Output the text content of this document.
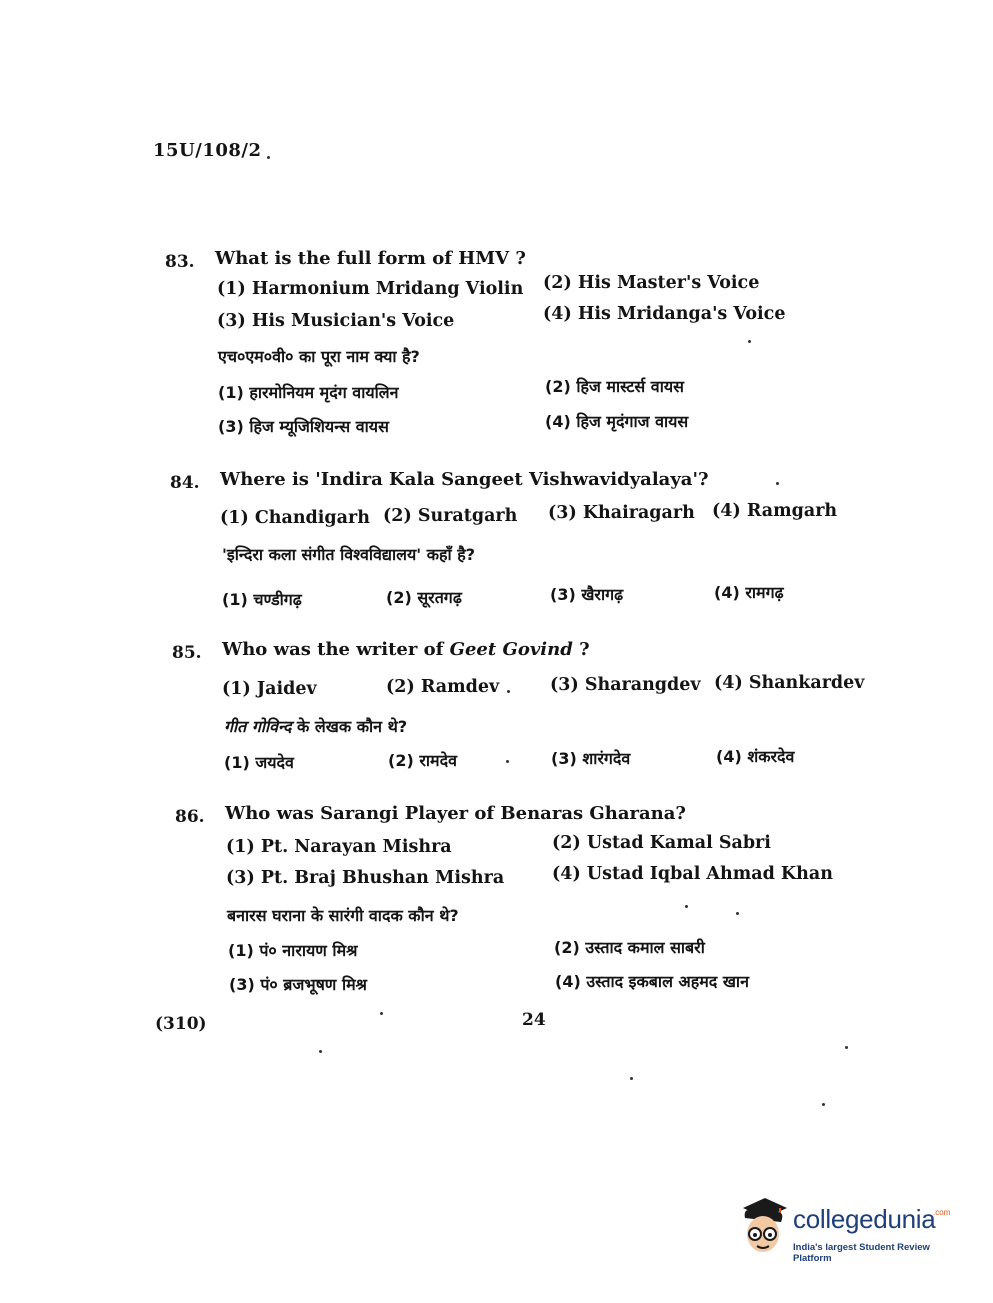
15U/108/2
83. What is the full form of HMV ?
(1) Harmonium Mridang Violin (2) His Master's Voice
(3) His Musician's Voice	(4) His Mridanga's Voice
एच०एम०वी० का पूरा नाम क्या है?
(1) हारमोनियम मृदंग वायलिन	(2) हिज मास्टर्स वायस
(3) हिज म्यूजिशियन्स वायस	(4) हिज मृदंगाज वायस
84. Where is 'Indira Kala Sangeet Vishwavidyalaya'?
(1) Chandigarh (2) Suratgarh (3) Khairagarh (4) Ramgarh
'इन्दिरा कला संगीत विश्वविद्यालय' कहाँ है?
(1) चण्डीगढ़	(2) सूरतगढ़	(3) खैरागढ़	(4) रामगढ़
85. Who was the writer of Geet Govind ?
(1) Jaidev	(2) Ramdev	(3) Sharangdev (4) Shankardev
गीत गोविन्द के लेखक कौन थे?
(1) जयदेव	(2) रामदेव	(3) शारंगदेव	(4) शंकरदेव
86. Who was Sarangi Player of Benaras Gharana?
(1) Pt. Narayan Mishra	(2) Ustad Kamal Sabri
(3) Pt. Braj Bhushan Mishra	(4) Ustad Iqbal Ahmad Khan
बनारस घराना के सारंगी वादक कौन थे?
(1) पं० नारायण मिश्र	(2) उस्ताद कमाल साबरी
(3) पं० ब्रजभूषण मिश्र	(4) उस्ताद इकबाल अहमद खान
(310)	24
collegedunia
.com
India's largest Student Review Platform
